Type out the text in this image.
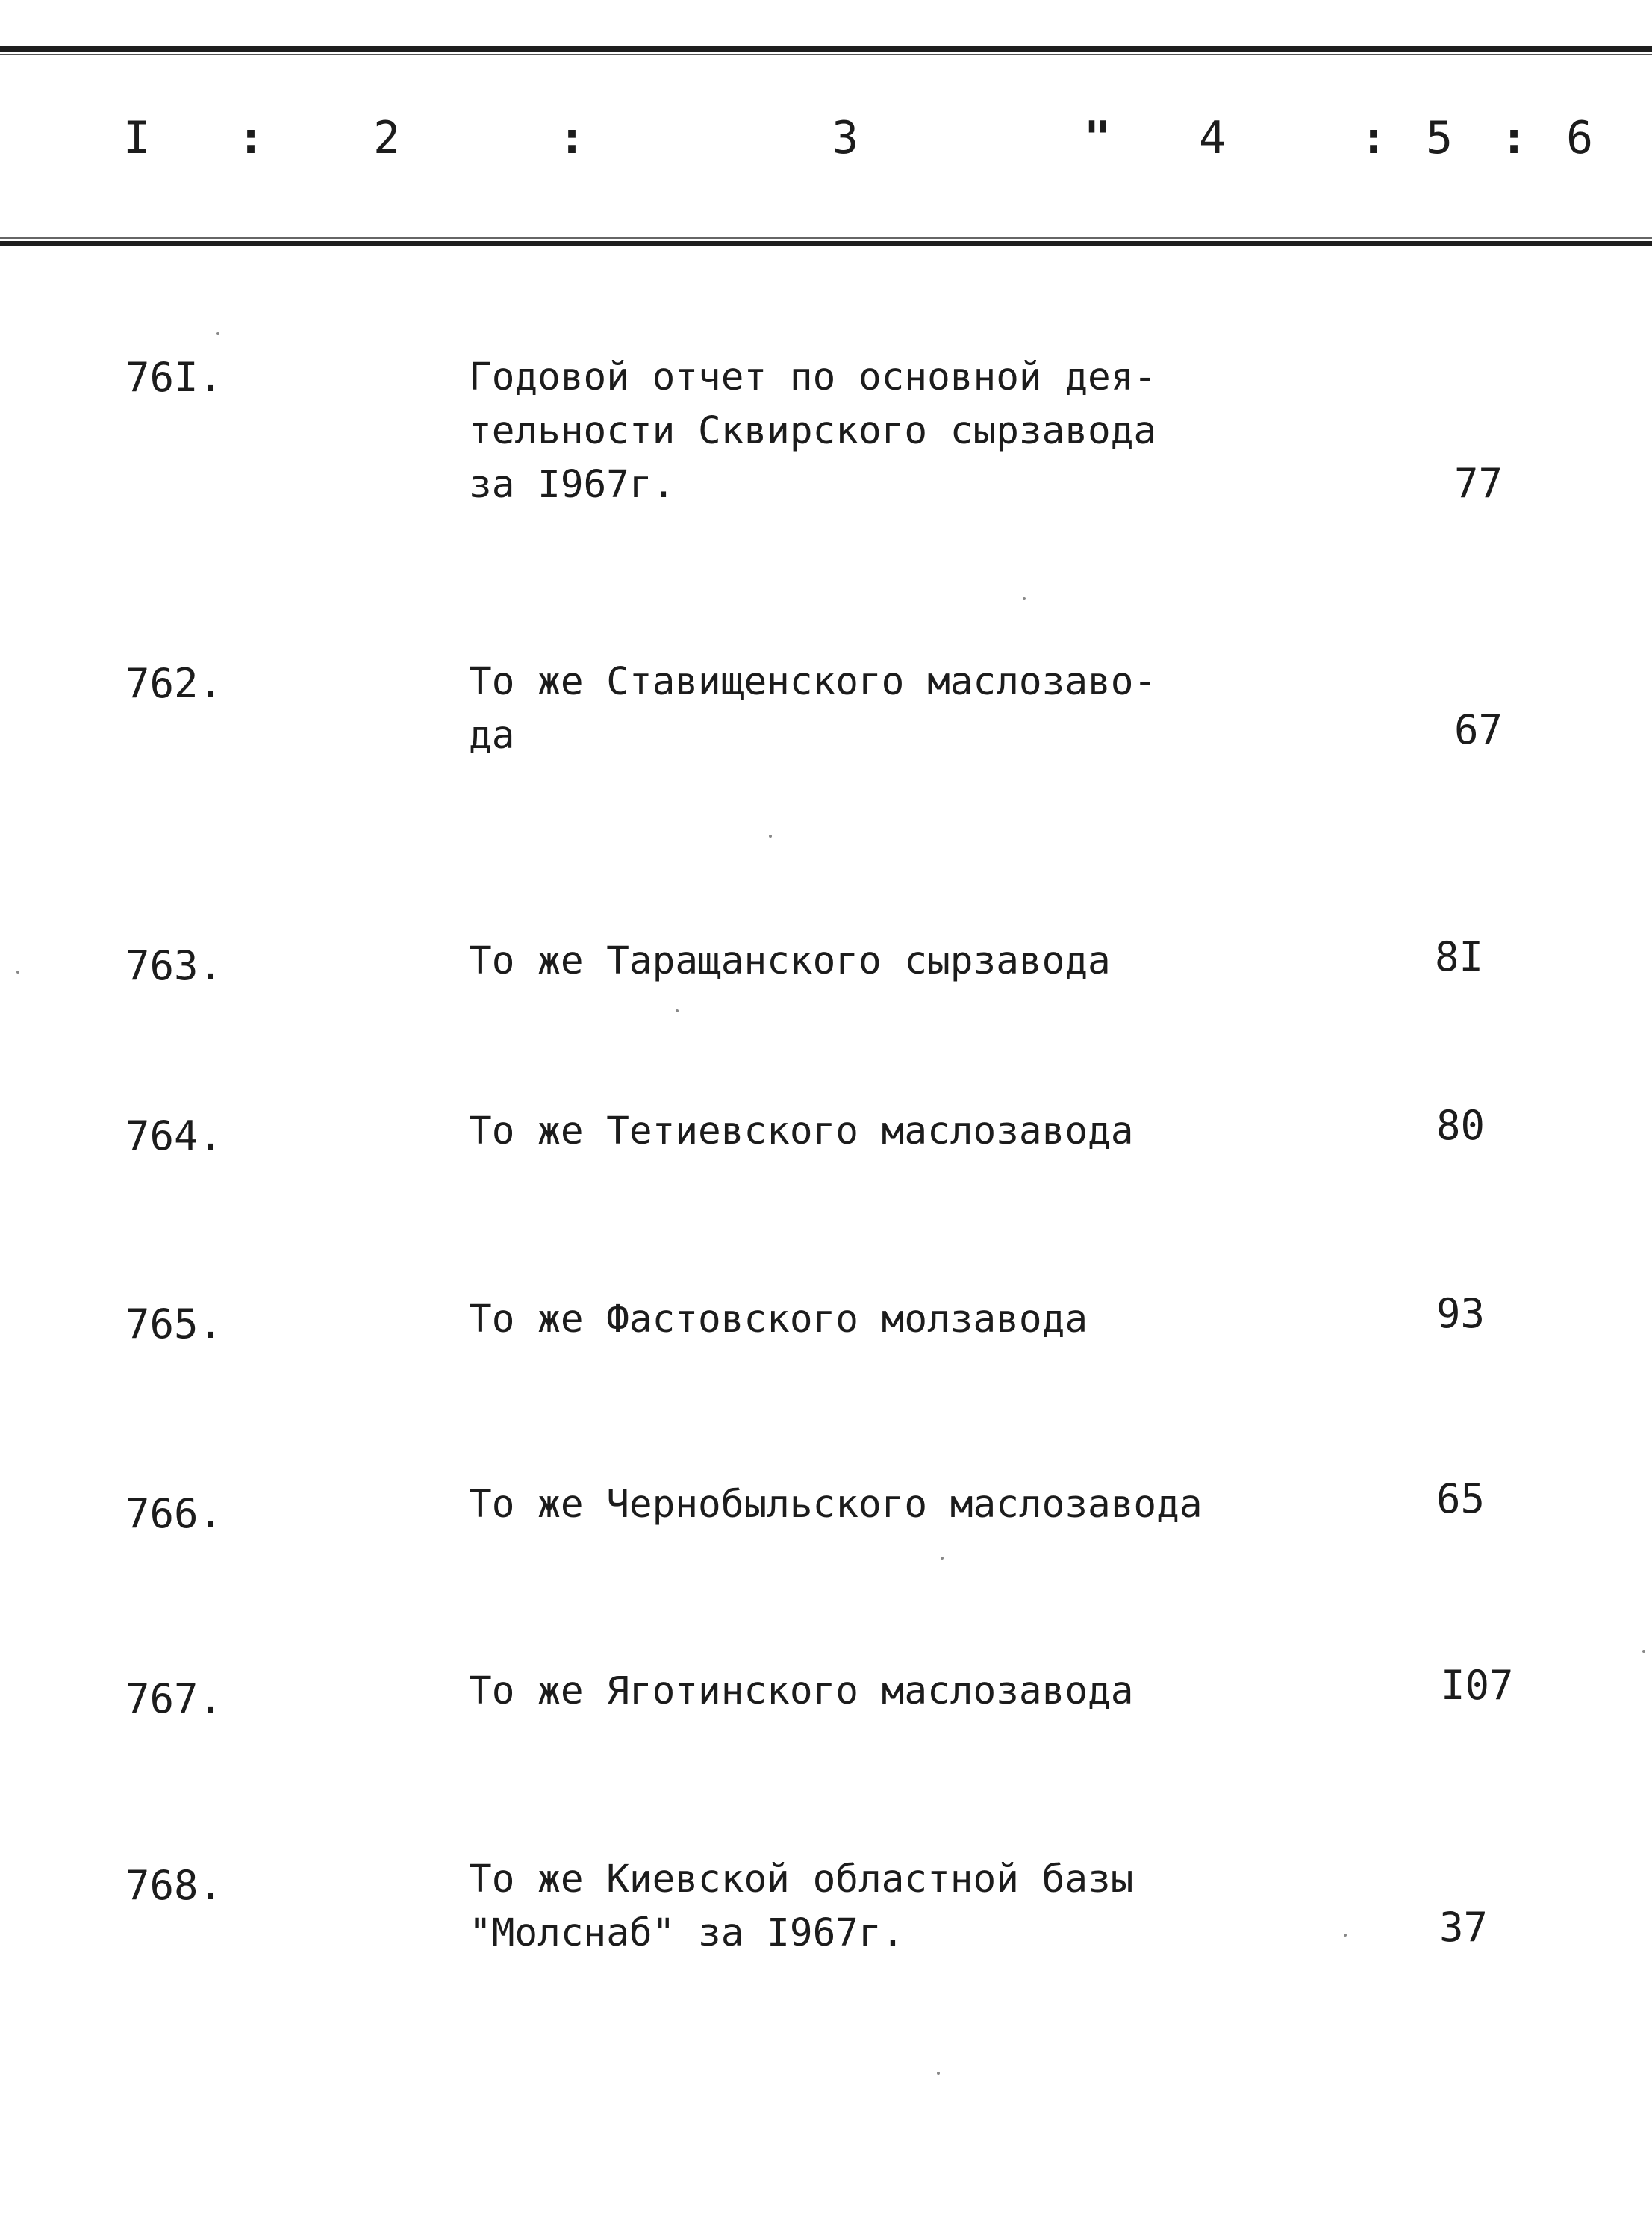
I : 2	:	3	" 4	: 5 : 6
76I.	Годовой отчет по основной дея-
тельности Сквирского сырзавода
за I967г.	77
762.	То же Ставищенского маслозаво-
да	67
763.	То же Таращанского сырзавода	8I
764.	То же Тетиевского маслозавода	80
765.	То же Фастовского молзавода	93
766.	То же Чернобыльского маслозавода	65
767.	То же Яготинского маслозавода	I07
768.	То же Киевской областной базы
"Молснаб" за I967г.	37
